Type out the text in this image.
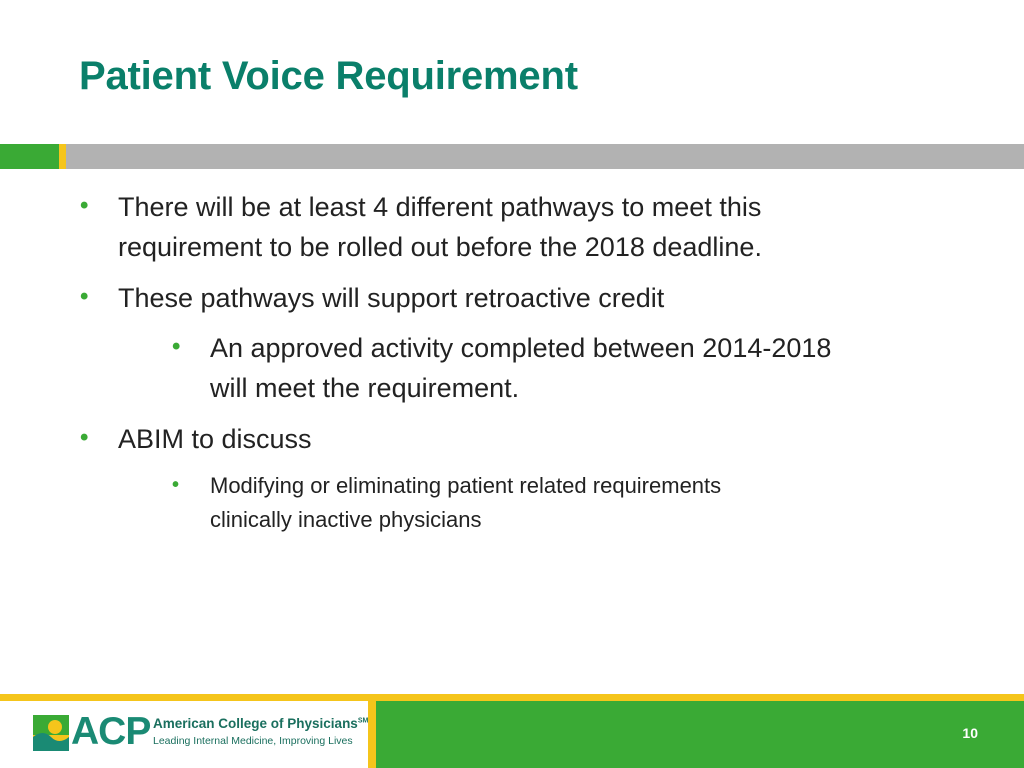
Patient Voice Requirement
• There will be at least 4 different pathways to meet this
requirement to be rolled out before the 2018 deadline.
• These pathways will support retroactive credit
• An approved activity completed between 2014-2018
will meet the requirement.
• ABIM to discuss
• Modifying or eliminating patient related requirements
clinically inactive physicians
ACP American College of Physicians℠
Leading Internal Medicine, Improving Lives	10
